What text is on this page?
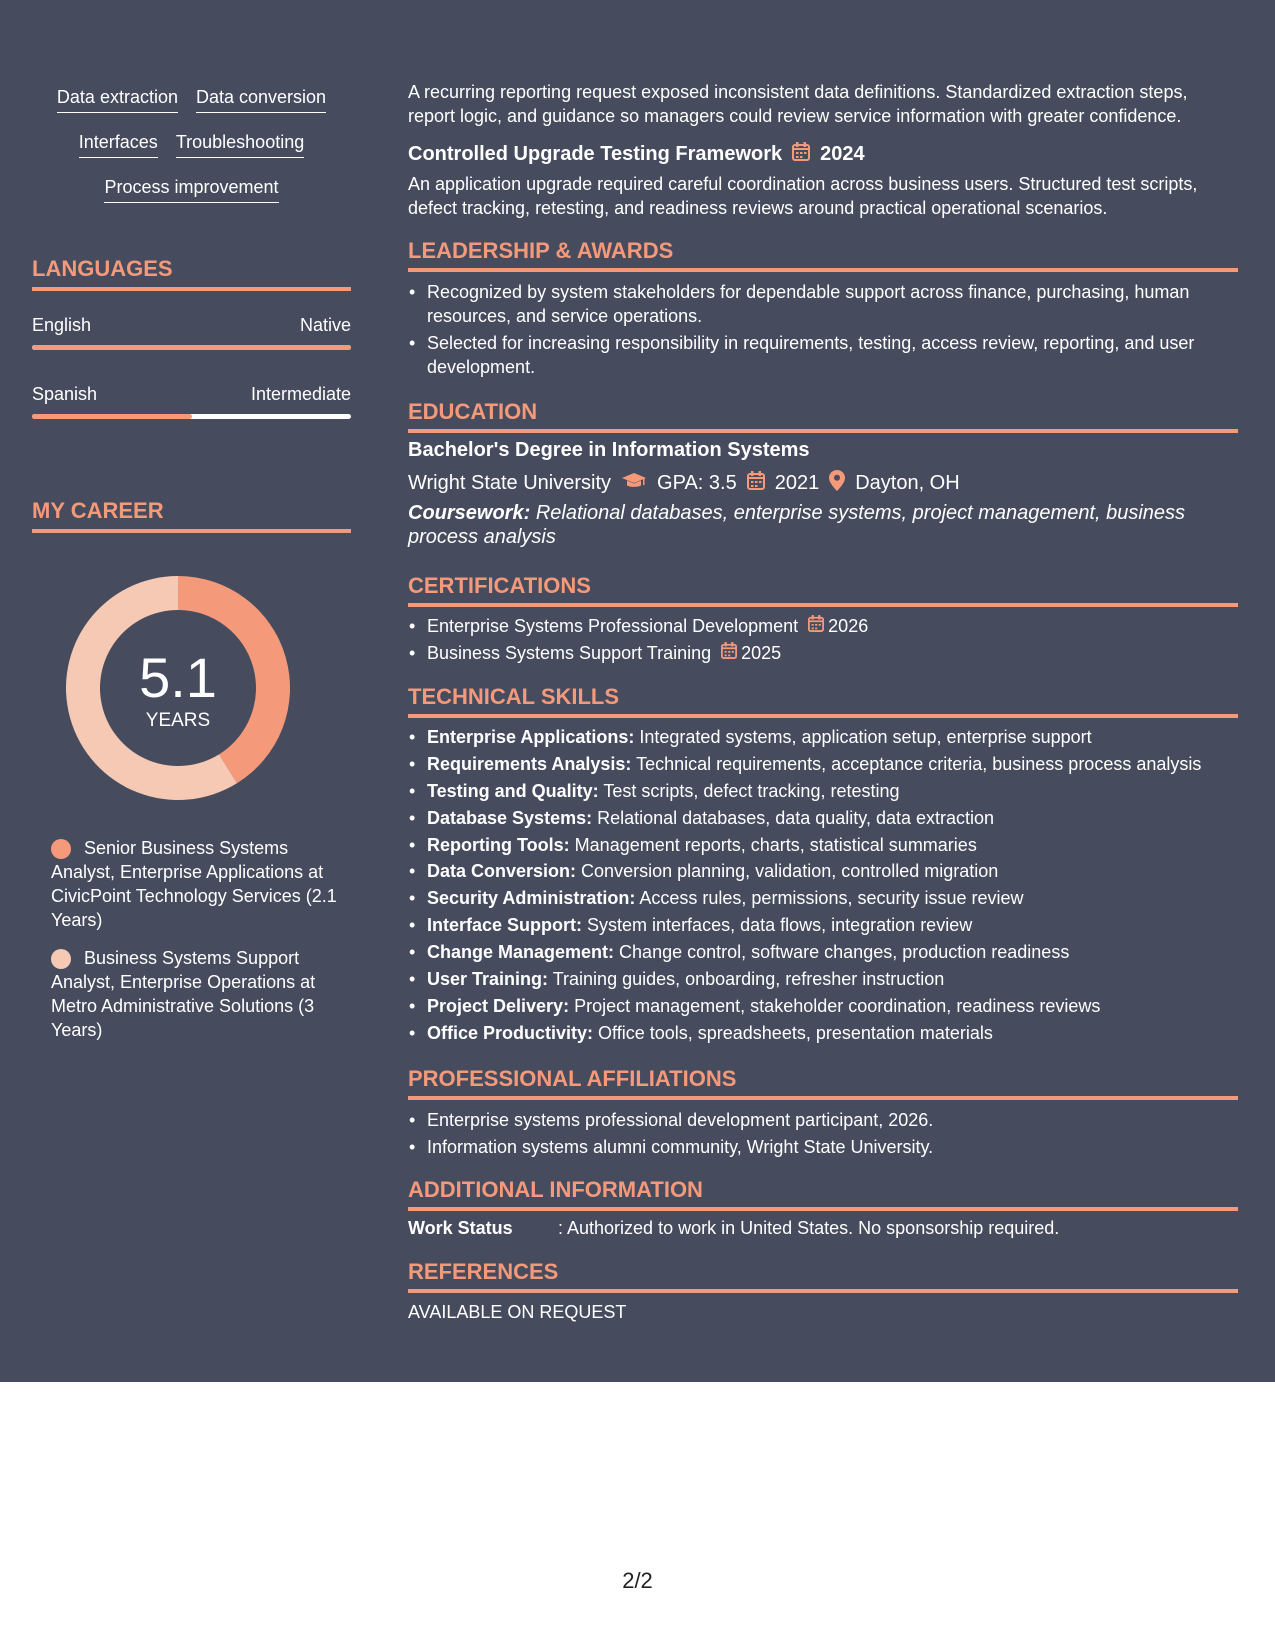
Data extraction Data conversion
Interfaces Troubleshooting
Process improvement
LANGUAGES
English	Native
Spanish	Intermediate
MY CAREER
5.1
YEARS
Senior Business Systems Analyst, Enterprise Applications at CivicPoint Technology Services (2.1 Years)
Business Systems Support Analyst, Enterprise Operations at Metro Administrative Solutions (3 Years)
A recurring reporting request exposed inconsistent data definitions. Standardized extraction steps, report logic, and guidance so managers could review service information with greater confidence.
Controlled Upgrade Testing Framework 2024
An application upgrade required careful coordination across business users. Structured test scripts, defect tracking, retesting, and readiness reviews around practical operational scenarios.
LEADERSHIP & AWARDS
• Recognized by system stakeholders for dependable support across finance, purchasing, human resources, and service operations.
• Selected for increasing responsibility in requirements, testing, access review, reporting, and user development.
EDUCATION
Bachelor's Degree in Information Systems
Wright State University GPA: 3.5 2021 Dayton, OH
Coursework: Relational databases, enterprise systems, project management, business process analysis
CERTIFICATIONS
• Enterprise Systems Professional Development 2026
• Business Systems Support Training 2025
TECHNICAL SKILLS
• Enterprise Applications: Integrated systems, application setup, enterprise support
• Requirements Analysis: Technical requirements, acceptance criteria, business process analysis
• Testing and Quality: Test scripts, defect tracking, retesting
• Database Systems: Relational databases, data quality, data extraction
• Reporting Tools: Management reports, charts, statistical summaries
• Data Conversion: Conversion planning, validation, controlled migration
• Security Administration: Access rules, permissions, security issue review
• Interface Support: System interfaces, data flows, integration review
• Change Management: Change control, software changes, production readiness
• User Training: Training guides, onboarding, refresher instruction
• Project Delivery: Project management, stakeholder coordination, readiness reviews
• Office Productivity: Office tools, spreadsheets, presentation materials
PROFESSIONAL AFFILIATIONS
• Enterprise systems professional development participant, 2026.
• Information systems alumni community, Wright State University.
ADDITIONAL INFORMATION
Work Status	: Authorized to work in United States. No sponsorship required.
REFERENCES
AVAILABLE ON REQUEST
2/2
